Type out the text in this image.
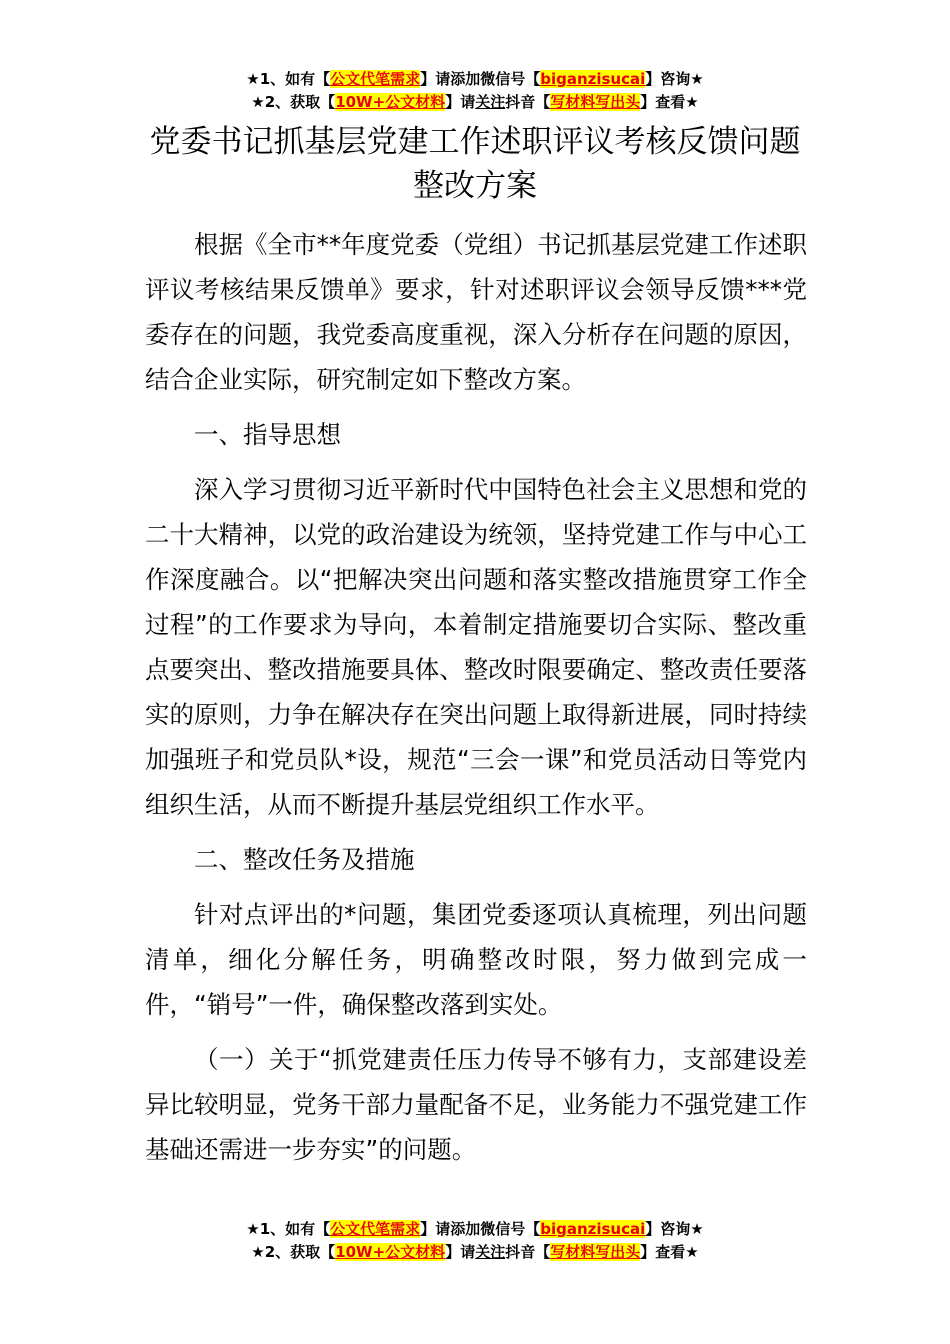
★1、如有【公文代笔需求】请添加微信号【biganzisucai】咨询★
★2、获取【10W+公文材料】请关注抖音【写材料写出头】查看★
党委书记抓基层党建工作述职评议考核反馈问题整改方案

根据《全市**年度党委（党组）书记抓基层党建工作述职评议考核结果反馈单》要求，针对述职评议会领导反馈***党委存在的问题，我党委高度重视，深入分析存在问题的原因，结合企业实际，研究制定如下整改方案。

一、指导思想

深入学习贯彻习近平新时代中国特色社会主义思想和党的二十大精神，以党的政治建设为统领，坚持党建工作与中心工作深度融合。以“把解决突出问题和落实整改措施贯穿工作全过程”的工作要求为导向，本着制定措施要切合实际、整改重点要突出、整改措施要具体、整改时限要确定、整改责任要落实的原则，力争在解决存在突出问题上取得新进展，同时持续加强班子和党员队*设，规范“三会一课”和党员活动日等党内组织生活，从而不断提升基层党组织工作水平。

二、整改任务及措施

针对点评出的*问题，集团党委逐项认真梳理，列出问题清单，细化分解任务，明确整改时限，努力做到完成一件，“销号”一件，确保整改落到实处。

（一）关于“抓党建责任压力传导不够有力，支部建设差异比较明显，党务干部力量配备不足，业务能力不强党建工作基础还需进一步夯实”的问题。

★1、如有【公文代笔需求】请添加微信号【biganzisucai】咨询★
★2、获取【10W+公文材料】请关注抖音【写材料写出头】查看★
